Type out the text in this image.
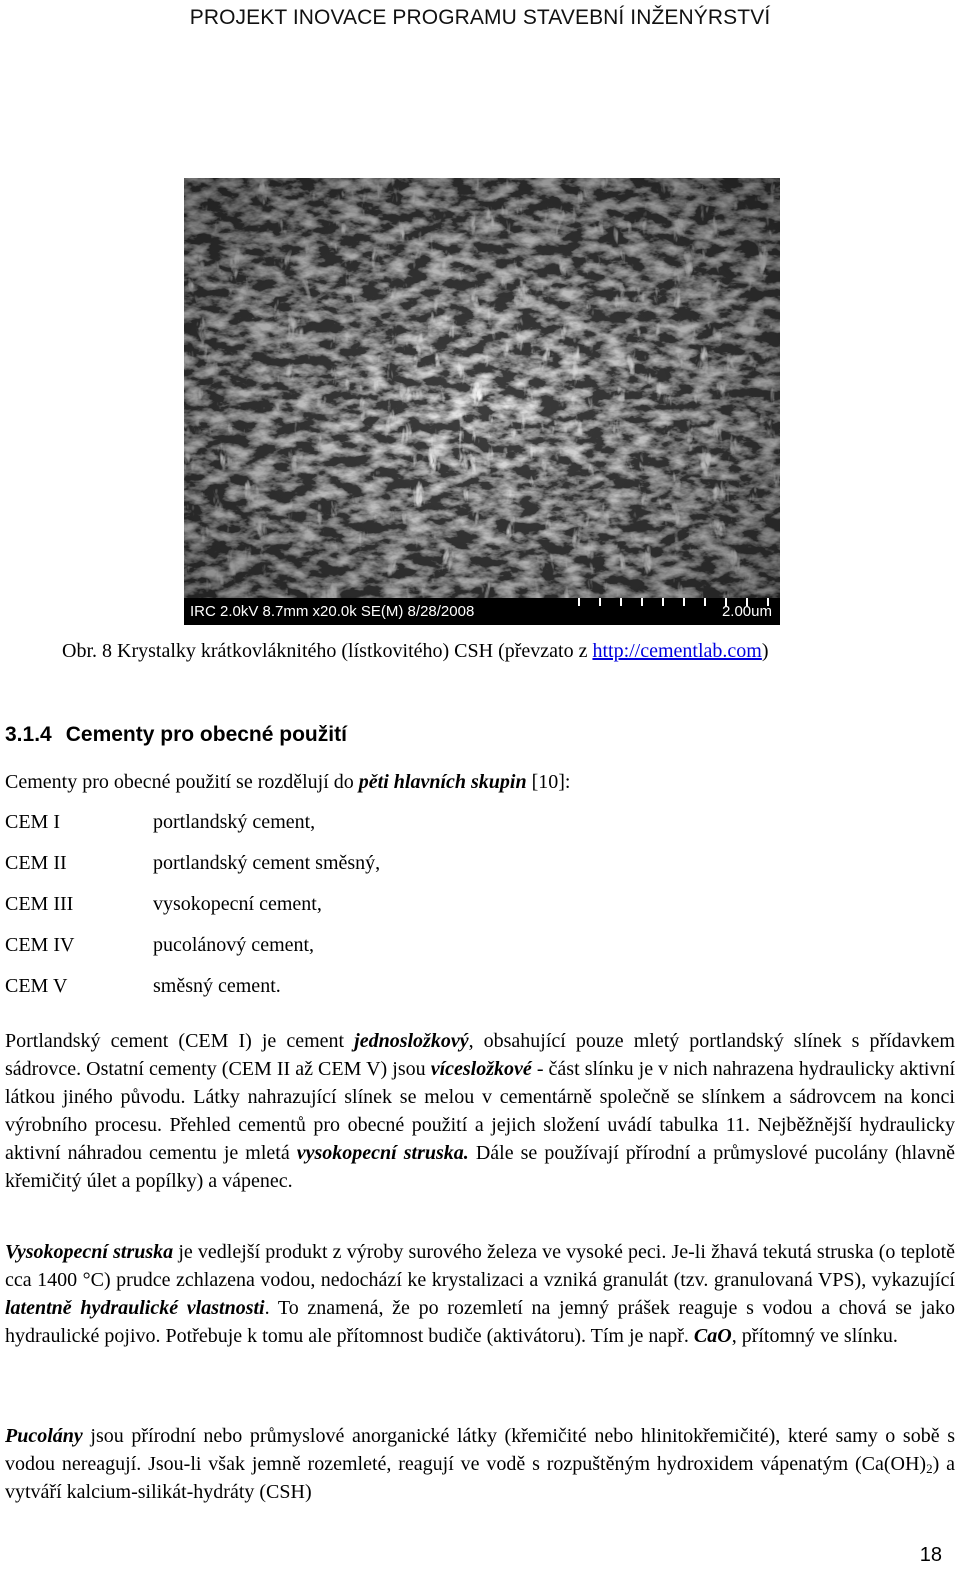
PROJEKT INOVACE PROGRAMU STAVEBNÍ INŽENÝRSTVÍ
IRC 2.0kV 8.7mm x20.0k SE(M) 8/28/2008	2.00um
Obr. 8 Krystalky krátkovláknitého (lístkovitého) CSH (převzato z http://cementlab.com)
3.1.4 Cementy pro obecné použití
Cementy pro obecné použití se rozdělují do pěti hlavních skupin [10]:
CEM I	portlandský cement,
CEM II	portlandský cement směsný,
CEM III	vysokopecní cement,
CEM IV	pucolánový cement,
CEM V	směsný cement.
Portlandský cement (CEM I) je cement jednosložkový, obsahující pouze mletý portlandský slínek s přídavkem sádrovce. Ostatní cementy (CEM II až CEM V) jsou vícesložkové - část slínku je v nich nahrazena hydraulicky aktivní látkou jiného původu. Látky nahrazující slínek se melou v cementárně společně se slínkem a sádrovcem na konci výrobního procesu. Přehled cementů pro obecné použití a jejich složení uvádí tabulka 11. Nejběžnější hydraulicky aktivní náhradou cementu je mletá vysokopecní struska. Dále se používají přírodní a průmyslové pucolány (hlavně křemičitý úlet a popílky) a vápenec.
Vysokopecní struska je vedlejší produkt z výroby surového železa ve vysoké peci. Je-li žhavá tekutá struska (o teplotě cca 1400 °C) prudce zchlazena vodou, nedochází ke krystalizaci a vzniká granulát (tzv. granulovaná VPS), vykazující latentně hydraulické vlastnosti. To znamená, že po rozemletí na jemný prášek reaguje s vodou a chová se jako hydraulické pojivo. Potřebuje k tomu ale přítomnost budiče (aktivátoru). Tím je např. CaO, přítomný ve slínku.
Pucolány jsou přírodní nebo průmyslové anorganické látky (křemičité nebo hlinitokřemičité), které samy o sobě s vodou nereagují. Jsou-li však jemně rozemleté, reagují ve vodě s rozpuštěným hydroxidem vápenatým $(Ca(OH)_2)$ a vytváří kalcium-silikát-hydráty (CSH)
18
